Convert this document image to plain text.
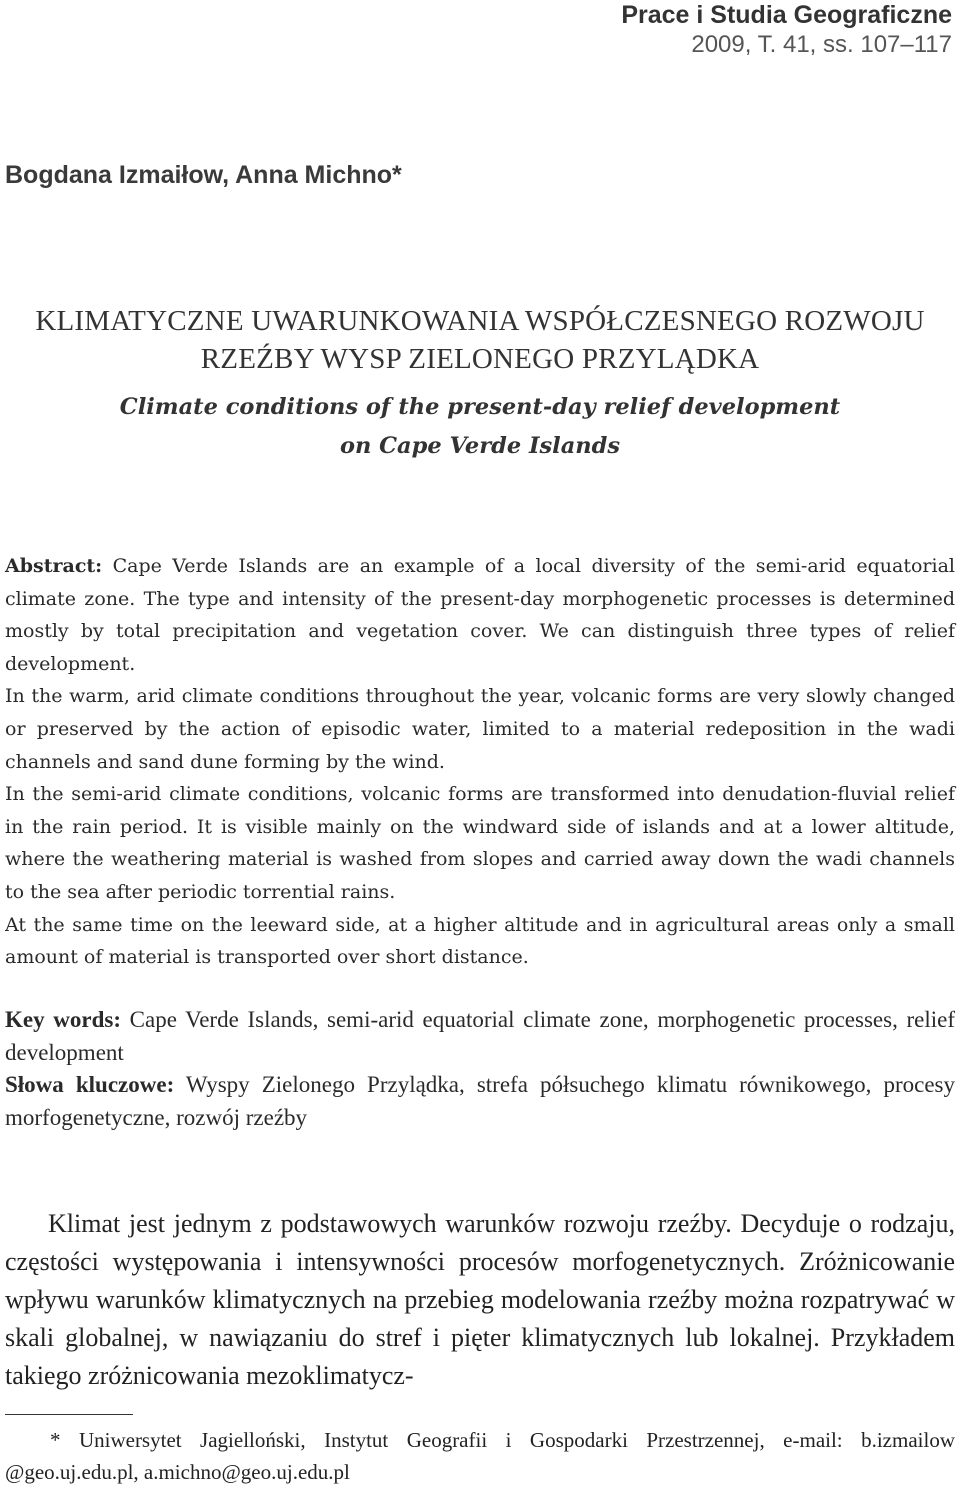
Prace i Studia Geograficzne
2009, T. 41, ss. 107–117
Bogdana Izmaiłow, Anna Michno*
KLIMATYCZNE UWARUNKOWANIA WSPÓŁCZESNEGO ROZWOJU
RZEŹBY WYSP ZIELONEGO PRZYLĄDKA
Climate conditions of the present-day relief development
on Cape Verde Islands

Abstract: Cape Verde Islands are an example of a local diversity of the semi-arid equatorial climate zone. The type and intensity of the present-day morphogenetic processes is determined mostly by total precipitation and vegetation cover. We can distinguish three types of relief development.

In the warm, arid climate conditions throughout the year, volcanic forms are very slowly changed or preserved by the action of episodic water, limited to a material redeposition in the wadi channels and sand dune forming by the wind.

In the semi-arid climate conditions, volcanic forms are transformed into denudation-fluvial relief in the rain period. It is visible mainly on the windward side of islands and at a lower altitude, where the weathering material is washed from slopes and carried away down the wadi channels to the sea after periodic torrential rains.

At the same time on the leeward side, at a higher altitude and in agricultural areas only a small amount of material is transported over short distance.

Key words: Cape Verde Islands, semi-arid equatorial climate zone, morphogenetic processes, relief development

Słowa kluczowe: Wyspy Zielonego Przylądka, strefa półsuchego klimatu równikowego, procesy morfogenetyczne, rozwój rzeźby

Klimat jest jednym z podstawowych warunków rozwoju rzeźby. Decyduje o rodzaju, częstości występowania i intensywności procesów morfogenetycznych. Zróżnicowanie wpływu warunków klimatycznych na przebieg modelowania rzeźby można rozpatrywać w skali globalnej, w nawiązaniu do stref i pięter klimatycznych lub lokalnej. Przykładem takiego zróżnicowania mezoklimatycz-

* Uniwersytet Jagielloński, Instytut Geografii i Gospodarki Przestrzennej, e-mail: b.izmailow @geo.uj.edu.pl, a.michno@geo.uj.edu.pl
